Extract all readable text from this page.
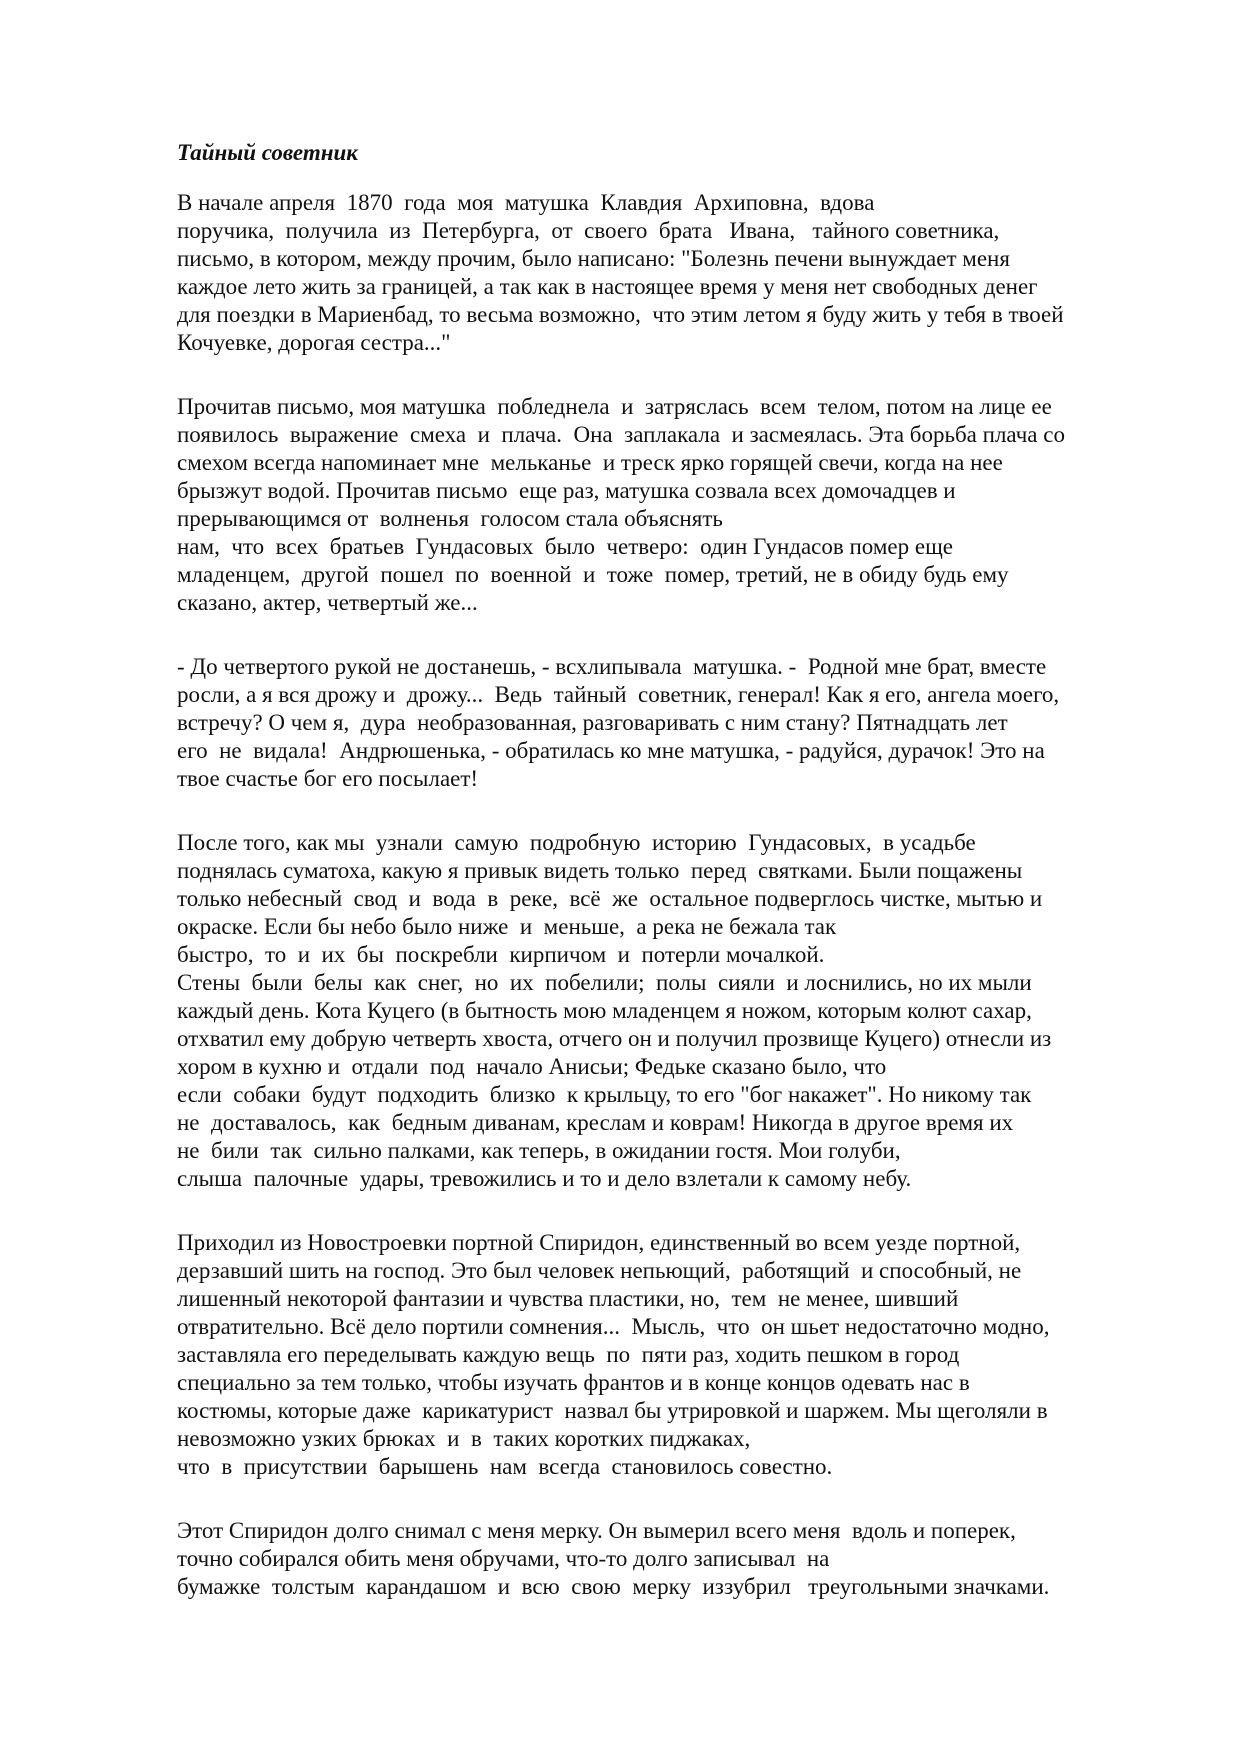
Тайный советник
В начале апреля  1870  года  моя  матушка  Клавдия  Архиповна,  вдова
поручика,  получила  из  Петербурга,  от  своего  брата   Ивана,   тайного советника,
письмо, в котором, между прочим, было написано: "Болезнь печени вынуждает меня
каждое лето жить за границей, а так как в настоящее время у меня нет свободных денег
для поездки в Мариенбад, то весьма возможно,  что этим летом я буду жить у тебя в твоей
Кочуевке, дорогая сестра..."
Прочитав письмо, моя матушка  побледнела  и  затряслась  всем  телом, потом на лице ее
появилось  выражение  смеха  и  плача.  Она  заплакала  и засмеялась. Эта борьба плача со
смехом всегда напоминает мне  мельканье  и треск ярко горящей свечи, когда на нее
брызжут водой. Прочитав письмо  еще раз, матушка созвала всех домочадцев и
прерывающимся от  волненья  голосом стала объяснять
нам,  что  всех  братьев  Гундасовых  было  четверо:  один Гундасов помер еще
младенцем,  другой  пошел  по  военной  и  тоже  помер, третий, не в обиду будь ему
сказано, актер, четвертый же...
- До четвертого рукой не достанешь, - всхлипывала  матушка. -  Родной мне брат, вместе
росли, а я вся дрожу и  дрожу...  Ведь  тайный  советник, генерал! Как я его, ангела моего,
встречу? О чем я,  дура  необразованная, разговаривать с ним стану? Пятнадцать лет
его  не  видала!  Андрюшенька, - обратилась ко мне матушка, - радуйся, дурачок! Это на
твое счастье бог его посылает!
После того, как мы  узнали  самую  подробную  историю  Гундасовых,  в усадьбе
поднялась суматоха, какую я привык видеть только  перед  святками. Были пощажены
только небесный  свод  и  вода  в  реке,  всё  же  остальное подверглось чистке, мытью и
окраске. Если бы небо было ниже  и  меньше,  а река не бежала так
быстро,  то  и  их  бы  поскребли  кирпичом  и  потерли мочалкой.
Стены  были  белы  как  снег,  но  их  побелили;  полы  сияли  и лоснились, но их мыли
каждый день. Кота Куцего (в бытность мою младенцем я ножом, которым колют сахар,
отхватил ему добрую четверть хвоста, отчего он и получил прозвище Куцего) отнесли из
хором в кухню и  отдали  под  начало Анисьи; Федьке сказано было, что
если  собаки  будут  подходить  близко  к крыльцу, то его "бог накажет". Но никому так
не  доставалось,  как  бедным диванам, креслам и коврам! Никогда в другое время их
не  били  так  сильно палками, как теперь, в ожидании гостя. Мои голуби,
слыша  палочные  удары, тревожились и то и дело взлетали к самому небу.
Приходил из Новостроевки портной Спиридон, единственный во всем уезде портной,
дерзавший шить на господ. Это был человек непьющий,  работящий  и способный, не
лишенный некоторой фантазии и чувства пластики, но,  тем  не менее, шивший
отвратительно. Всё дело портили сомнения...  Мысль,  что  он шьет недостаточно модно,
заставляла его переделывать каждую вещь  по  пяти раз, ходить пешком в город
специально за тем только, чтобы изучать франтов и в конце концов одевать нас в
костюмы, которые даже  карикатурист  назвал бы утрировкой и шаржем. Мы щеголяли в
невозможно узких брюках  и  в  таких коротких пиджаках,
что  в  присутствии  барышень  нам  всегда  становилось совестно.
Этот Спиридон долго снимал с меня мерку. Он вымерил всего меня  вдоль и поперек,
точно собирался обить меня обручами, что-то долго записывал  на
бумажке  толстым  карандашом  и  всю  свою  мерку  иззубрил   треугольными значками.
